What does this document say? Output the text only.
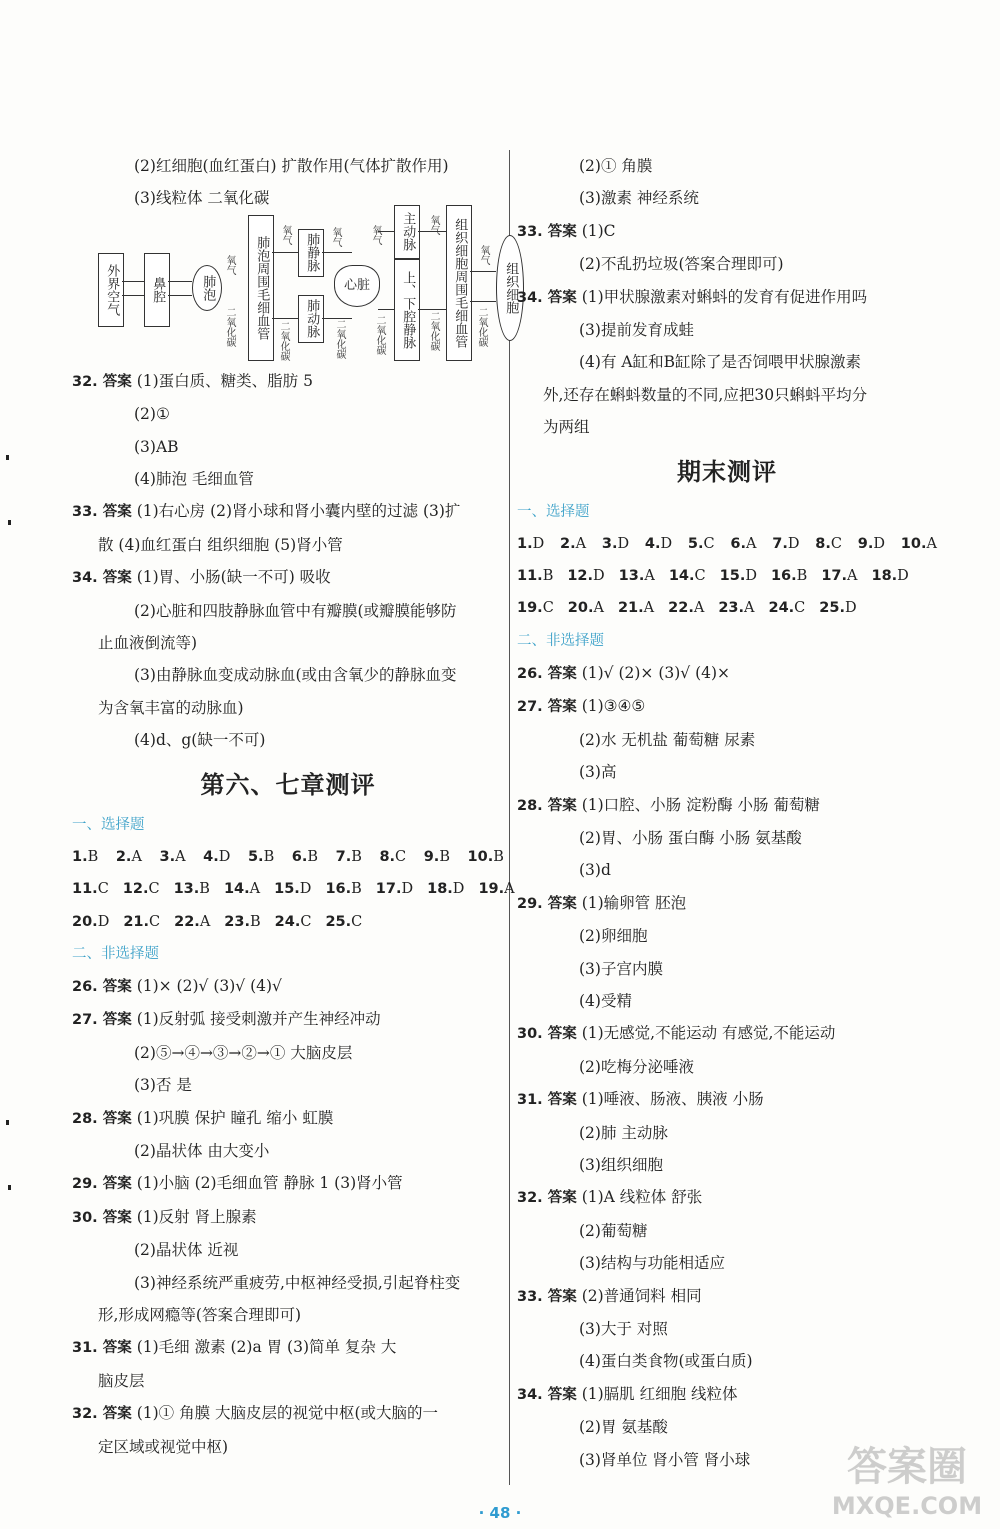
(2)红细胞(血红蛋白) 扩散作用(气体扩散作用)
(3)线粒体 二氧化碳
外界空气	鼻腔	肺泡	肺泡周围毛细血管	肺静脉
肺动脉
心脏
主动脉
上、下腔静脉	组织细胞周围毛细血管	组织细胞
氧气
二氧化碳
氧气
二氧化碳
氧气
二氧化碳
氧气
二氧化碳
氧气
二氧化碳
氧气
二氧化碳
32. 答案 (1)蛋白质、糖类、脂肪 5
(2)①
(3)AB
(4)肺泡 毛细血管
33. 答案 (1)右心房 (2)肾小球和肾小囊内壁的过滤 (3)扩
散 (4)血红蛋白 组织细胞 (5)肾小管
34. 答案 (1)胃、小肠(缺一不可) 吸收
(2)心脏和四肢静脉血管中有瓣膜(或瓣膜能够防
止血液倒流等)
(3)由静脉血变成动脉血(或由含氧少的静脉血变
为含氧丰富的动脉血)
(4)d、g(缺一不可)
第六、七章测评
一、选择题
1.B 2.A 3.A 4.D 5.B 6.B 7.B 8.C 9.B 10.B
11.C 12.C 13.B 14.A 15.D 16.B 17.D 18.D 19.A
20.D 21.C 22.A 23.B 24.C 25.C
二、非选择题
26. 答案 (1)× (2)√ (3)√ (4)√
27. 答案 (1)反射弧 接受刺激并产生神经冲动
(2)⑤→④→③→②→① 大脑皮层
(3)否 是
28. 答案 (1)巩膜 保护 瞳孔 缩小 虹膜
(2)晶状体 由大变小
29. 答案 (1)小脑 (2)毛细血管 静脉 1 (3)肾小管
30. 答案 (1)反射 肾上腺素
(2)晶状体 近视
(3)神经系统严重疲劳,中枢神经受损,引起脊柱变
形,形成网瘾等(答案合理即可)
31. 答案 (1)毛细 激素 (2)a 胃 (3)简单 复杂 大
脑皮层
32. 答案 (1)① 角膜 大脑皮层的视觉中枢(或大脑的一
定区域或视觉中枢)
(2)① 角膜
(3)激素 神经系统
33. 答案 (1)C
(2)不乱扔垃圾(答案合理即可)
34. 答案 (1)甲状腺激素对蝌蚪的发育有促进作用吗
(3)提前发育成蛙
(4)有 A缸和B缸除了是否饲喂甲状腺激素
外,还存在蝌蚪数量的不同,应把30只蝌蚪平均分
为两组
期末测评
一、选择题
1.D 2.A 3.D 4.D 5.C 6.A 7.D 8.C 9.D 10.A
11.B 12.D 13.A 14.C 15.D 16.B 17.A 18.D
19.C 20.A 21.A 22.A 23.A 24.C 25.D
二、非选择题
26. 答案 (1)√ (2)× (3)√ (4)×
27. 答案 (1)③④⑤
(2)水 无机盐 葡萄糖 尿素
(3)高
28. 答案 (1)口腔、小肠 淀粉酶 小肠 葡萄糖
(2)胃、小肠 蛋白酶 小肠 氨基酸
(3)d
29. 答案 (1)输卵管 胚泡
(2)卵细胞
(3)子宫内膜
(4)受精
30. 答案 (1)无感觉,不能运动 有感觉,不能运动
(2)吃梅分泌唾液
31. 答案 (1)唾液、肠液、胰液 小肠
(2)肺 主动脉
(3)组织细胞
32. 答案 (1)A 线粒体 舒张
(2)葡萄糖
(3)结构与功能相适应
33. 答案 (2)普通饲料 相同
(3)大于 对照
(4)蛋白类食物(或蛋白质)
34. 答案 (1)膈肌 红细胞 线粒体
(2)胃 氨基酸
(3)肾单位 肾小管 肾小球
· 48 ·
答案圈
MXQE.COM
